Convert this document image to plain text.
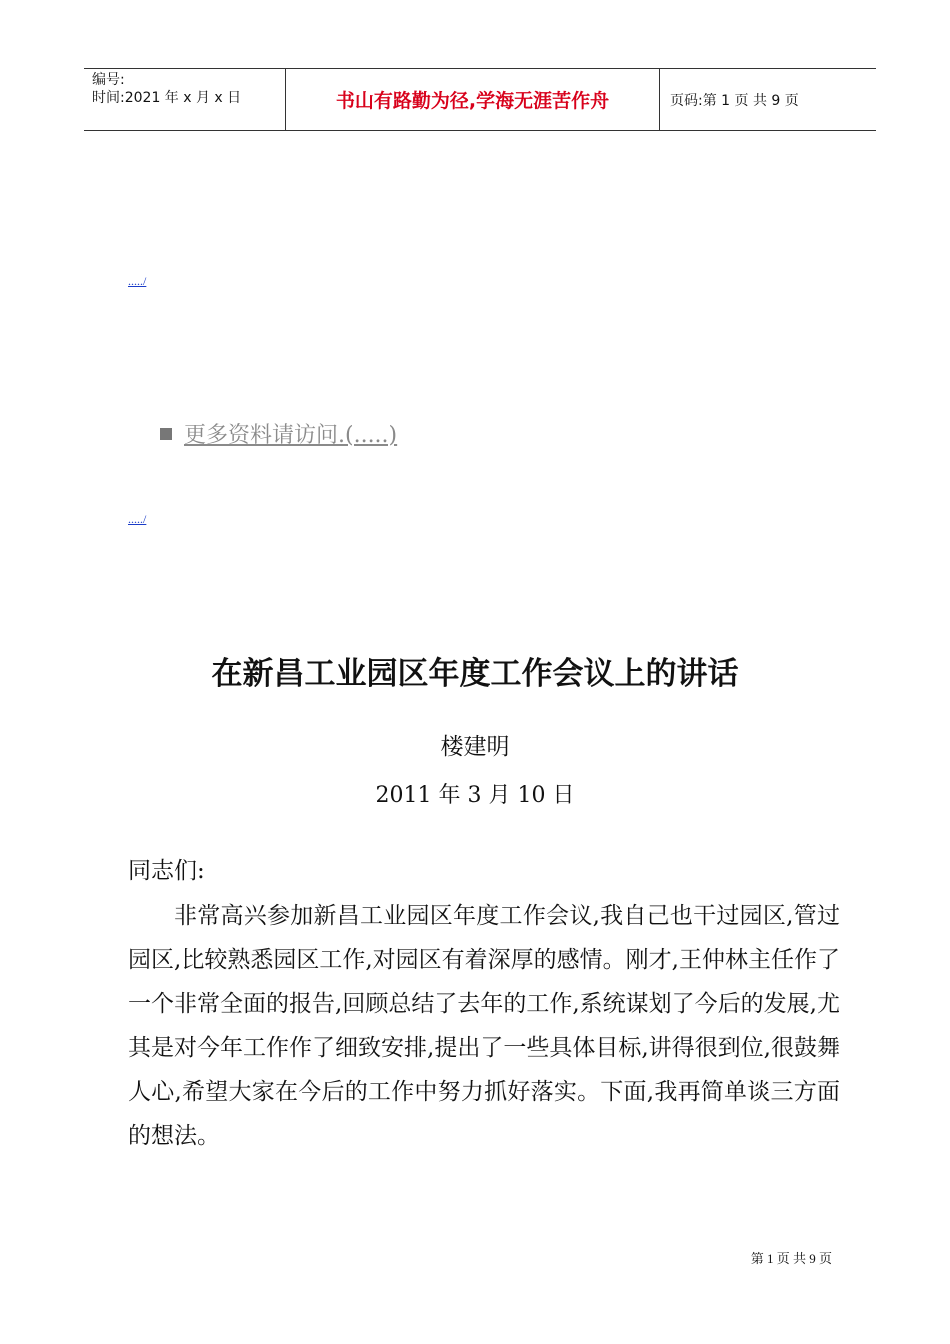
编号:
时间:2021 年 x 月 x 日	书山有路勤为径,学海无涯苦作舟	页码:第 1 页 共 9 页
...../
更多资料请访问.(.....)
...../
在新昌工业园区年度工作会议上的讲话
楼建明
2011 年 3 月 10 日
同志们:
非常高兴参加新昌工业园区年度工作会议,我自己也干过园区,管过园区,比较熟悉园区工作,对园区有着深厚的感情。刚才,王仲林主任作了一个非常全面的报告,回顾总结了去年的工作,系统谋划了今后的发展,尤其是对今年工作作了细致安排,提出了一些具体目标,讲得很到位,很鼓舞人心,希望大家在今后的工作中努力抓好落实。下面,我再简单谈三方面的想法。
第 1 页 共 9 页
